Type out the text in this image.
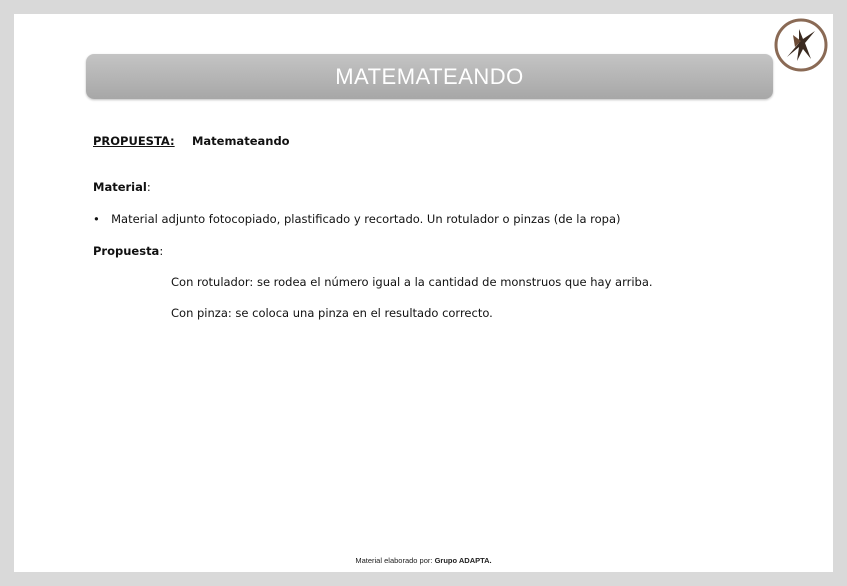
MATEMATEANDO
PROPUESTA: Matemateando
Material:
• Material adjunto fotocopiado, plastificado y recortado. Un rotulador o pinzas (de la ropa)
Propuesta:
Con rotulador: se rodea el número igual a la cantidad de monstruos que hay arriba.
Con pinza: se coloca una pinza en el resultado correcto.
Material elaborado por: Grupo ADAPTA.
